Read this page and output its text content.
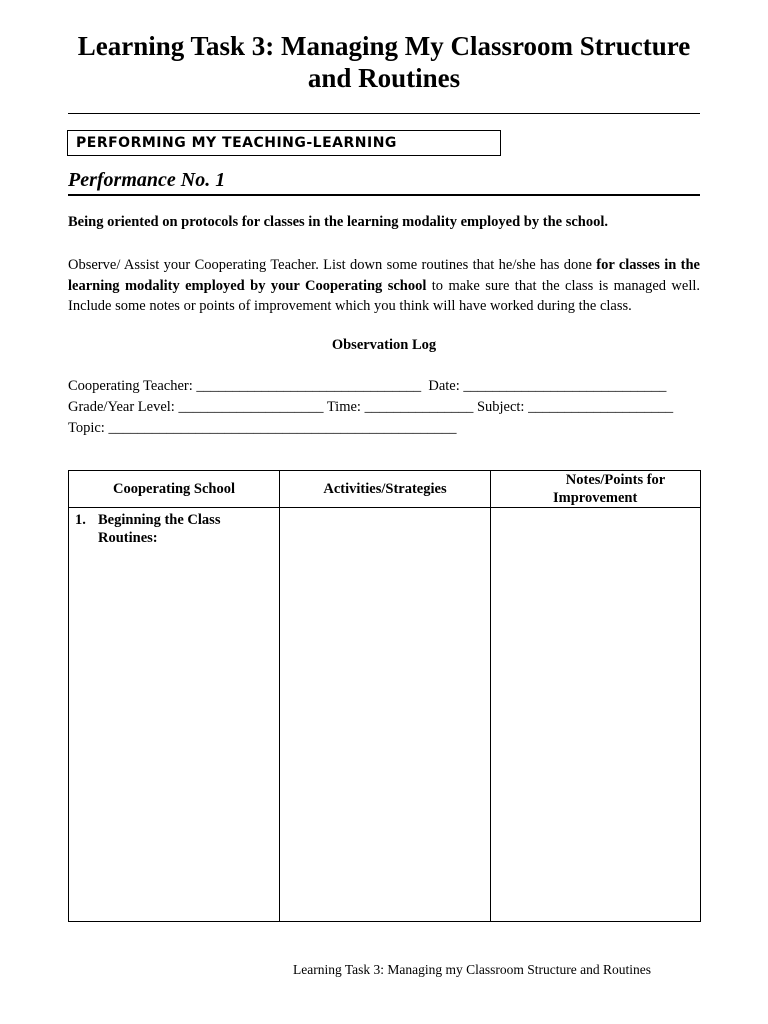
Learning Task 3: Managing My Classroom Structure
and Routines
PERFORMING MY TEACHING-LEARNING
Performance No. 1
Being oriented on protocols for classes in the learning modality employed by the school.
Observe/ Assist your Cooperating Teacher. List down some routines that he/she has done for classes in the learning modality employed by your Cooperating school to make sure that the class is managed well. Include some notes or points of improvement which you think will have worked during the class.
Observation Log
Cooperating Teacher: _______________________________  Date: ____________________________
Grade/Year Level: ____________________ Time: _______________ Subject: ____________________
Topic: ________________________________________________
Cooperating School	Activities/Strategies	Notes/Points for
Improvement

1. Beginning the Class
Routines:		

Learning Task 3: Managing my Classroom Structure and Routines
